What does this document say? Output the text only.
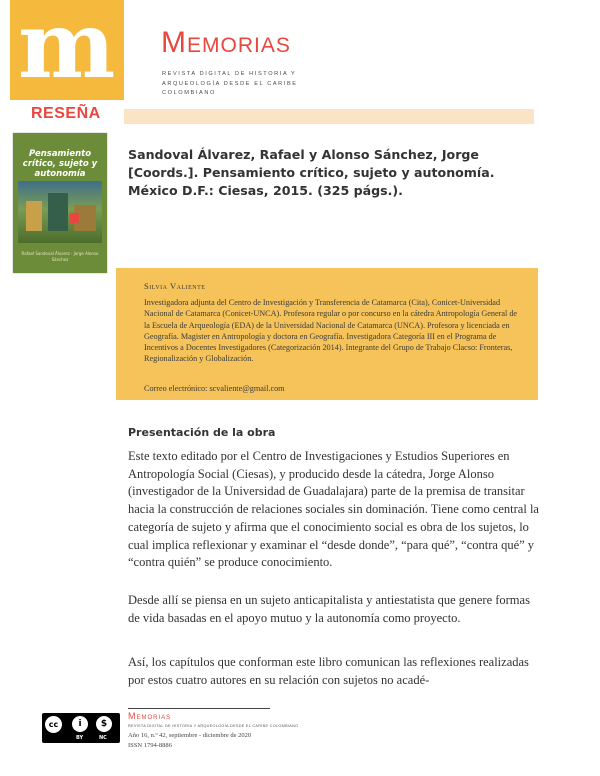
m	Memorias
REVISTA DIGITAL DE HISTORIA Y ARQUEOLOGÍA DESDE EL CARIBE COLOMBIANO
RESEÑA
Pensamiento crítico, sujeto y autonomía
Rafael Sandoval Álvarez · Jorge Alonso Sánchez
Sandoval Álvarez, Rafael y Alonso Sánchez, Jorge
[Coords.]. Pensamiento crítico, sujeto y autonomía.
México D.F.: Ciesas, 2015. (325 págs.).
Silvia Valiente
Investigadora adjunta del Centro de Investigación y Transferencia de Catamarca (Cita), Conicet-Universidad Nacional de Catamarca (Conicet-UNCA). Profesora regular o por concurso en la cátedra Antropología General de la Escuela de Arqueología (EDA) de la Universidad Nacional de Catamarca (UNCA). Profesora y licenciada en Geografía. Magister en Antropología y doctora en Geografía. Investigadora Categoría III en el Programa de Incentivos a Docentes Investigadores (Categorización 2014). Integrante del Grupo de Trabajo Clacso: Fronteras, Regionalización y Globalización.
Correo electrónico: scvaliente@gmail.com
Presentación de la obra

Este texto editado por el Centro de Investigaciones y Estudios Superiores en Antropología Social (Ciesas), y producido desde la cátedra, Jorge Alonso (investigador de la Universidad de Guadalajara) parte de la premisa de transitar hacia la construcción de relaciones sociales sin dominación. Tiene como central la categoría de sujeto y afirma que el conocimiento social es obra de los sujetos, lo cual implica reflexionar y examinar el “desde donde”, “para qué”, “contra qué” y “contra quién” se produce conocimiento.

Desde allí se piensa en un sujeto anticapitalista y antiestatista que genere formas de vida basadas en el apoyo mutuo y la autonomía como proyecto.

Así, los capítulos que conforman este libro comunican las reflexiones realizadas por estos cuatro autores en su relación con sujetos no acadé-

cc	i	$
BY	NC
Memorias
REVISTA DIGITAL DE HISTORIA Y ARQUEOLOGÍA DESDE EL CARIBE COLOMBIANO
Año 16, n.º 42, septiembre - diciembre de 2020
ISSN 1794-8886
